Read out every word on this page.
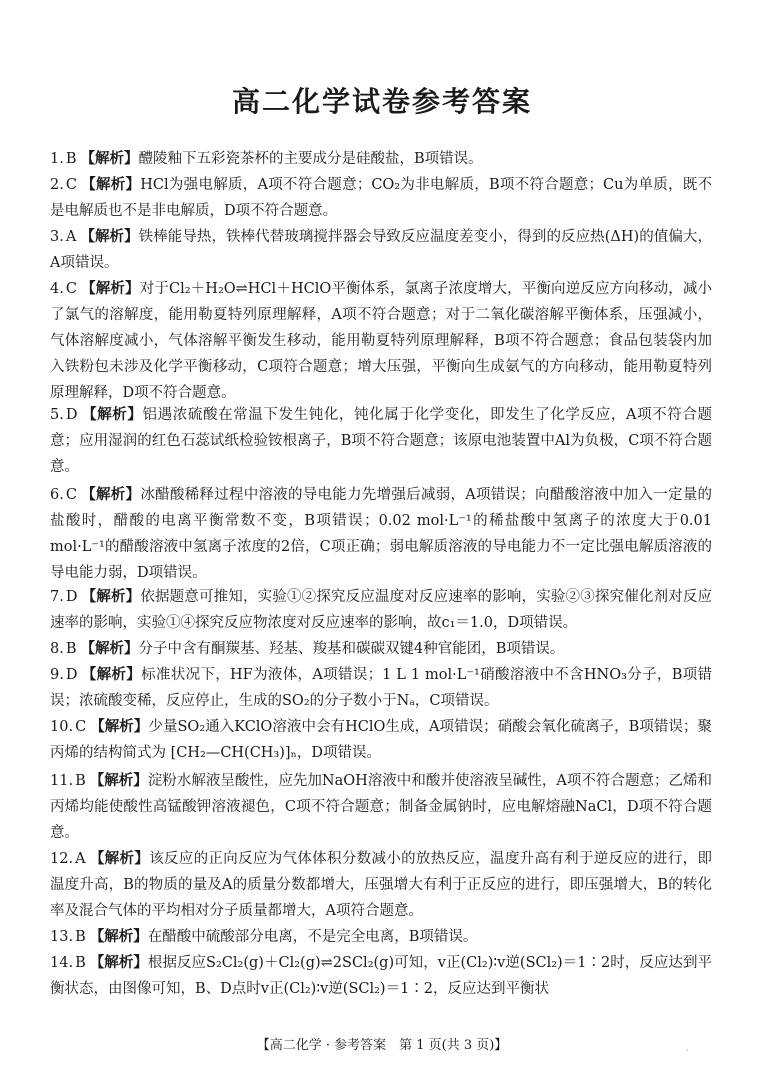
高二化学试卷参考答案
1. B 【解析】醴陵釉下五彩瓷茶杯的主要成分是硅酸盐，B项错误。
2. C 【解析】HCl为强电解质，A项不符合题意；CO₂为非电解质，B项不符合题意；Cu为单质，既不是电解质也不是非电解质，D项不符合题意。
3. A 【解析】铁棒能导热，铁棒代替玻璃搅拌器会导致反应温度差变小，得到的反应热(ΔH)的值偏大，A项错误。
4. C 【解析】对于Cl₂＋H₂O⇌HCl＋HClO平衡体系，氯离子浓度增大，平衡向逆反应方向移动，减小了氯气的溶解度，能用勒夏特列原理解释，A项不符合题意；对于二氧化碳溶解平衡体系，压强减小，气体溶解度减小，气体溶解平衡发生移动，能用勒夏特列原理解释，B项不符合题意；食品包装袋内加入铁粉包未涉及化学平衡移动，C项符合题意；增大压强，平衡向生成氨气的方向移动，能用勒夏特列原理解释，D项不符合题意。
5. D 【解析】铝遇浓硫酸在常温下发生钝化，钝化属于化学变化，即发生了化学反应，A项不符合题意；应用湿润的红色石蕊试纸检验铵根离子，B项不符合题意；该原电池装置中Al为负极，C项不符合题意。
6. C 【解析】冰醋酸稀释过程中溶液的导电能力先增强后减弱，A项错误；向醋酸溶液中加入一定量的盐酸时，醋酸的电离平衡常数不变，B项错误；0.02 mol·L⁻¹的稀盐酸中氢离子的浓度大于0.01 mol·L⁻¹的醋酸溶液中氢离子浓度的2倍，C项正确；弱电解质溶液的导电能力不一定比强电解质溶液的导电能力弱，D项错误。
7. D 【解析】依据题意可推知，实验①②探究反应温度对反应速率的影响，实验②③探究催化剂对反应速率的影响，实验①④探究反应物浓度对反应速率的影响，故c₁＝1.0，D项错误。
8. B 【解析】分子中含有酮羰基、羟基、羧基和碳碳双键4种官能团，B项错误。
9. D 【解析】标准状况下，HF为液体，A项错误；1 L 1 mol·L⁻¹硝酸溶液中不含HNO₃分子，B项错误；浓硫酸变稀，反应停止，生成的SO₂的分子数小于Nₐ，C项错误。
10. C 【解析】少量SO₂通入KClO溶液中会有HClO生成，A项错误；硝酸会氧化硫离子，B项错误；聚丙烯的结构简式为 [CH₂—CH(CH₃)]ₙ，D项错误。
11. B 【解析】淀粉水解液呈酸性，应先加NaOH溶液中和酸并使溶液呈碱性，A项不符合题意；乙烯和丙烯均能使酸性高锰酸钾溶液褪色，C项不符合题意；制备金属钠时，应电解熔融NaCl，D项不符合题意。
12. A 【解析】该反应的正向反应为气体体积分数减小的放热反应，温度升高有利于逆反应的进行，即温度升高，B的物质的量及A的质量分数都增大，压强增大有利于正反应的进行，即压强增大，B的转化率及混合气体的平均相对分子质量都增大，A项符合题意。
13. B 【解析】在醋酸中硫酸部分电离，不是完全电离，B项错误。
14. B 【解析】根据反应S₂Cl₂(g)＋Cl₂(g)⇌2SCl₂(g)可知，v正(Cl₂)∶v逆(SCl₂)＝1∶2时，反应达到平衡状态，由图像可知，B、D点时v正(Cl₂)∶v逆(SCl₂)＝1∶2，反应达到平衡状
【高二化学 · 参考答案　第 1 页(共 3 页)】	·
